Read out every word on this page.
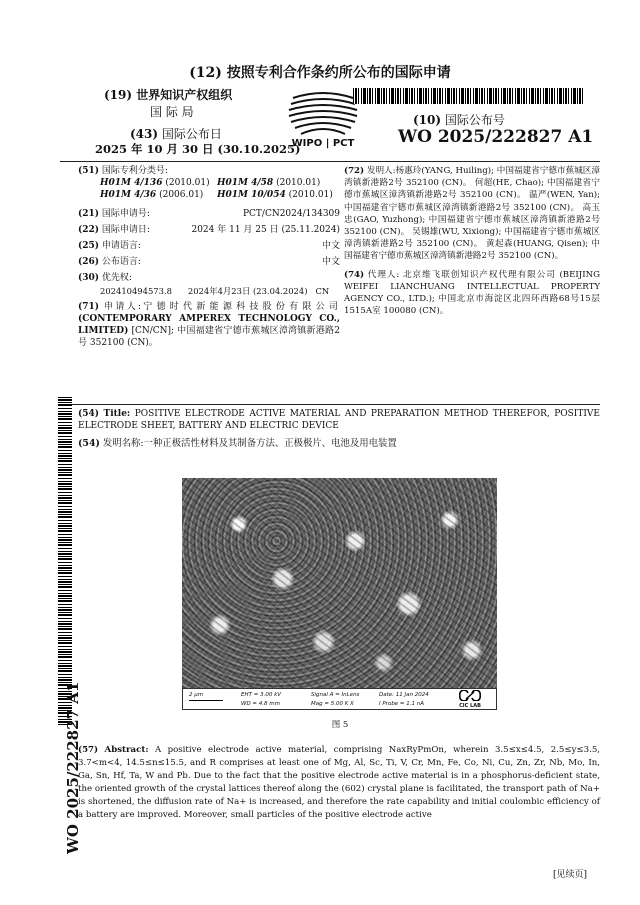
(12) 按照专利合作条约所公布的国际申请
(19) 世界知识产权组织
国 际 局
(43) 国际公布日
2025 年 10 月 30 日 (30.10.2025)
WIPO | PCT
(10) 国际公布号
WO 2025/222827 A1
(51) 国际专利分类号:
H01M 4/136 (2010.01) H01M 4/58 (2010.01)
H01M 4/36 (2006.01) H01M 10/054 (2010.01)
(21) 国际申请号:	PCT/CN2024/134309
(22) 国际申请日:	2024 年 11 月 25 日 (25.11.2024)
(25) 申请语言:	中文
(26) 公布语言:	中文
(30) 优先权:
202410494573.8      2024年4月23日 (23.04.2024)   CN
(71) 申请人:宁德时代新能源科技股份有限公司 (CONTEMPORARY AMPEREX TECHNOLOGY CO., LIMITED) [CN/CN]; 中国福建省宁德市蕉城区漳湾镇新港路2号 352100 (CN)。
(72) 发明人:杨惠玲(YANG, Huiling); 中国福建省宁德市蕉城区漳湾镇新港路2号 352100 (CN)。 何超(HE, Chao); 中国福建省宁德市蕉城区漳湾镇新港路2号 352100 (CN)。 温严(WEN, Yan); 中国福建省宁德市蕉城区漳湾镇新港路2号 352100 (CN)。 高玉忠(GAO, Yuzhong); 中国福建省宁德市蕉城区漳湾镇新港路2号 352100 (CN)。 吴锡雄(WU, Xixiong); 中国福建省宁德市蕉城区漳湾镇新港路2号 352100 (CN)。 黄起森(HUANG, Qisen); 中国福建省宁德市蕉城区漳湾镇新港路2号 352100 (CN)。
(74) 代理人: 北京维飞联创知识产权代理有限公司 (BEIJING WEIFEI LIANCHUANG INTELLECTUAL PROPERTY AGENCY CO., LTD.); 中国北京市海淀区北四环西路68号15层1515A室 100080 (CN)。
(54) Title: POSITIVE ELECTRODE ACTIVE MATERIAL AND PREPARATION METHOD THEREFOR, POSITIVE ELECTRODE SHEET, BATTERY AND ELECTRIC DEVICE
(54) 发明名称:一种正极活性材料及其制备方法、正极极片、电池及用电装置
WO 2025/222827 A1	2 μm	EHT = 3.00 kV
WD = 4.8 mm
Signal A = InLens
Mag = 5.00 K X
Date: 11 Jan 2024
I Probe = 1.1 nA	CIC LAB
图 5
(57) Abstract: A positive electrode active material, comprising NaxRyPmOn, wherein 3.5≤x≤4.5, 2.5≤y≤3.5, 3.7<m<4, 14.5≤n≤15.5, and R comprises at least one of Mg, Al, Sc, Ti, V, Cr, Mn, Fe, Co, Ni, Cu, Zn, Zr, Nb, Mo, In, Ga, Sn, Hf, Ta, W and Pb. Due to the fact that the positive electrode active material is in a phosphorus-deficient state, the oriented growth of the crystal lattices thereof along the (602) crystal plane is facilitated, the transport path of Na+ is shortened, the diffusion rate of Na+ is increased, and therefore the rate capability and initial coulombic efficiency of a battery are improved. Moreover, small particles of the positive electrode active
[见续页]
